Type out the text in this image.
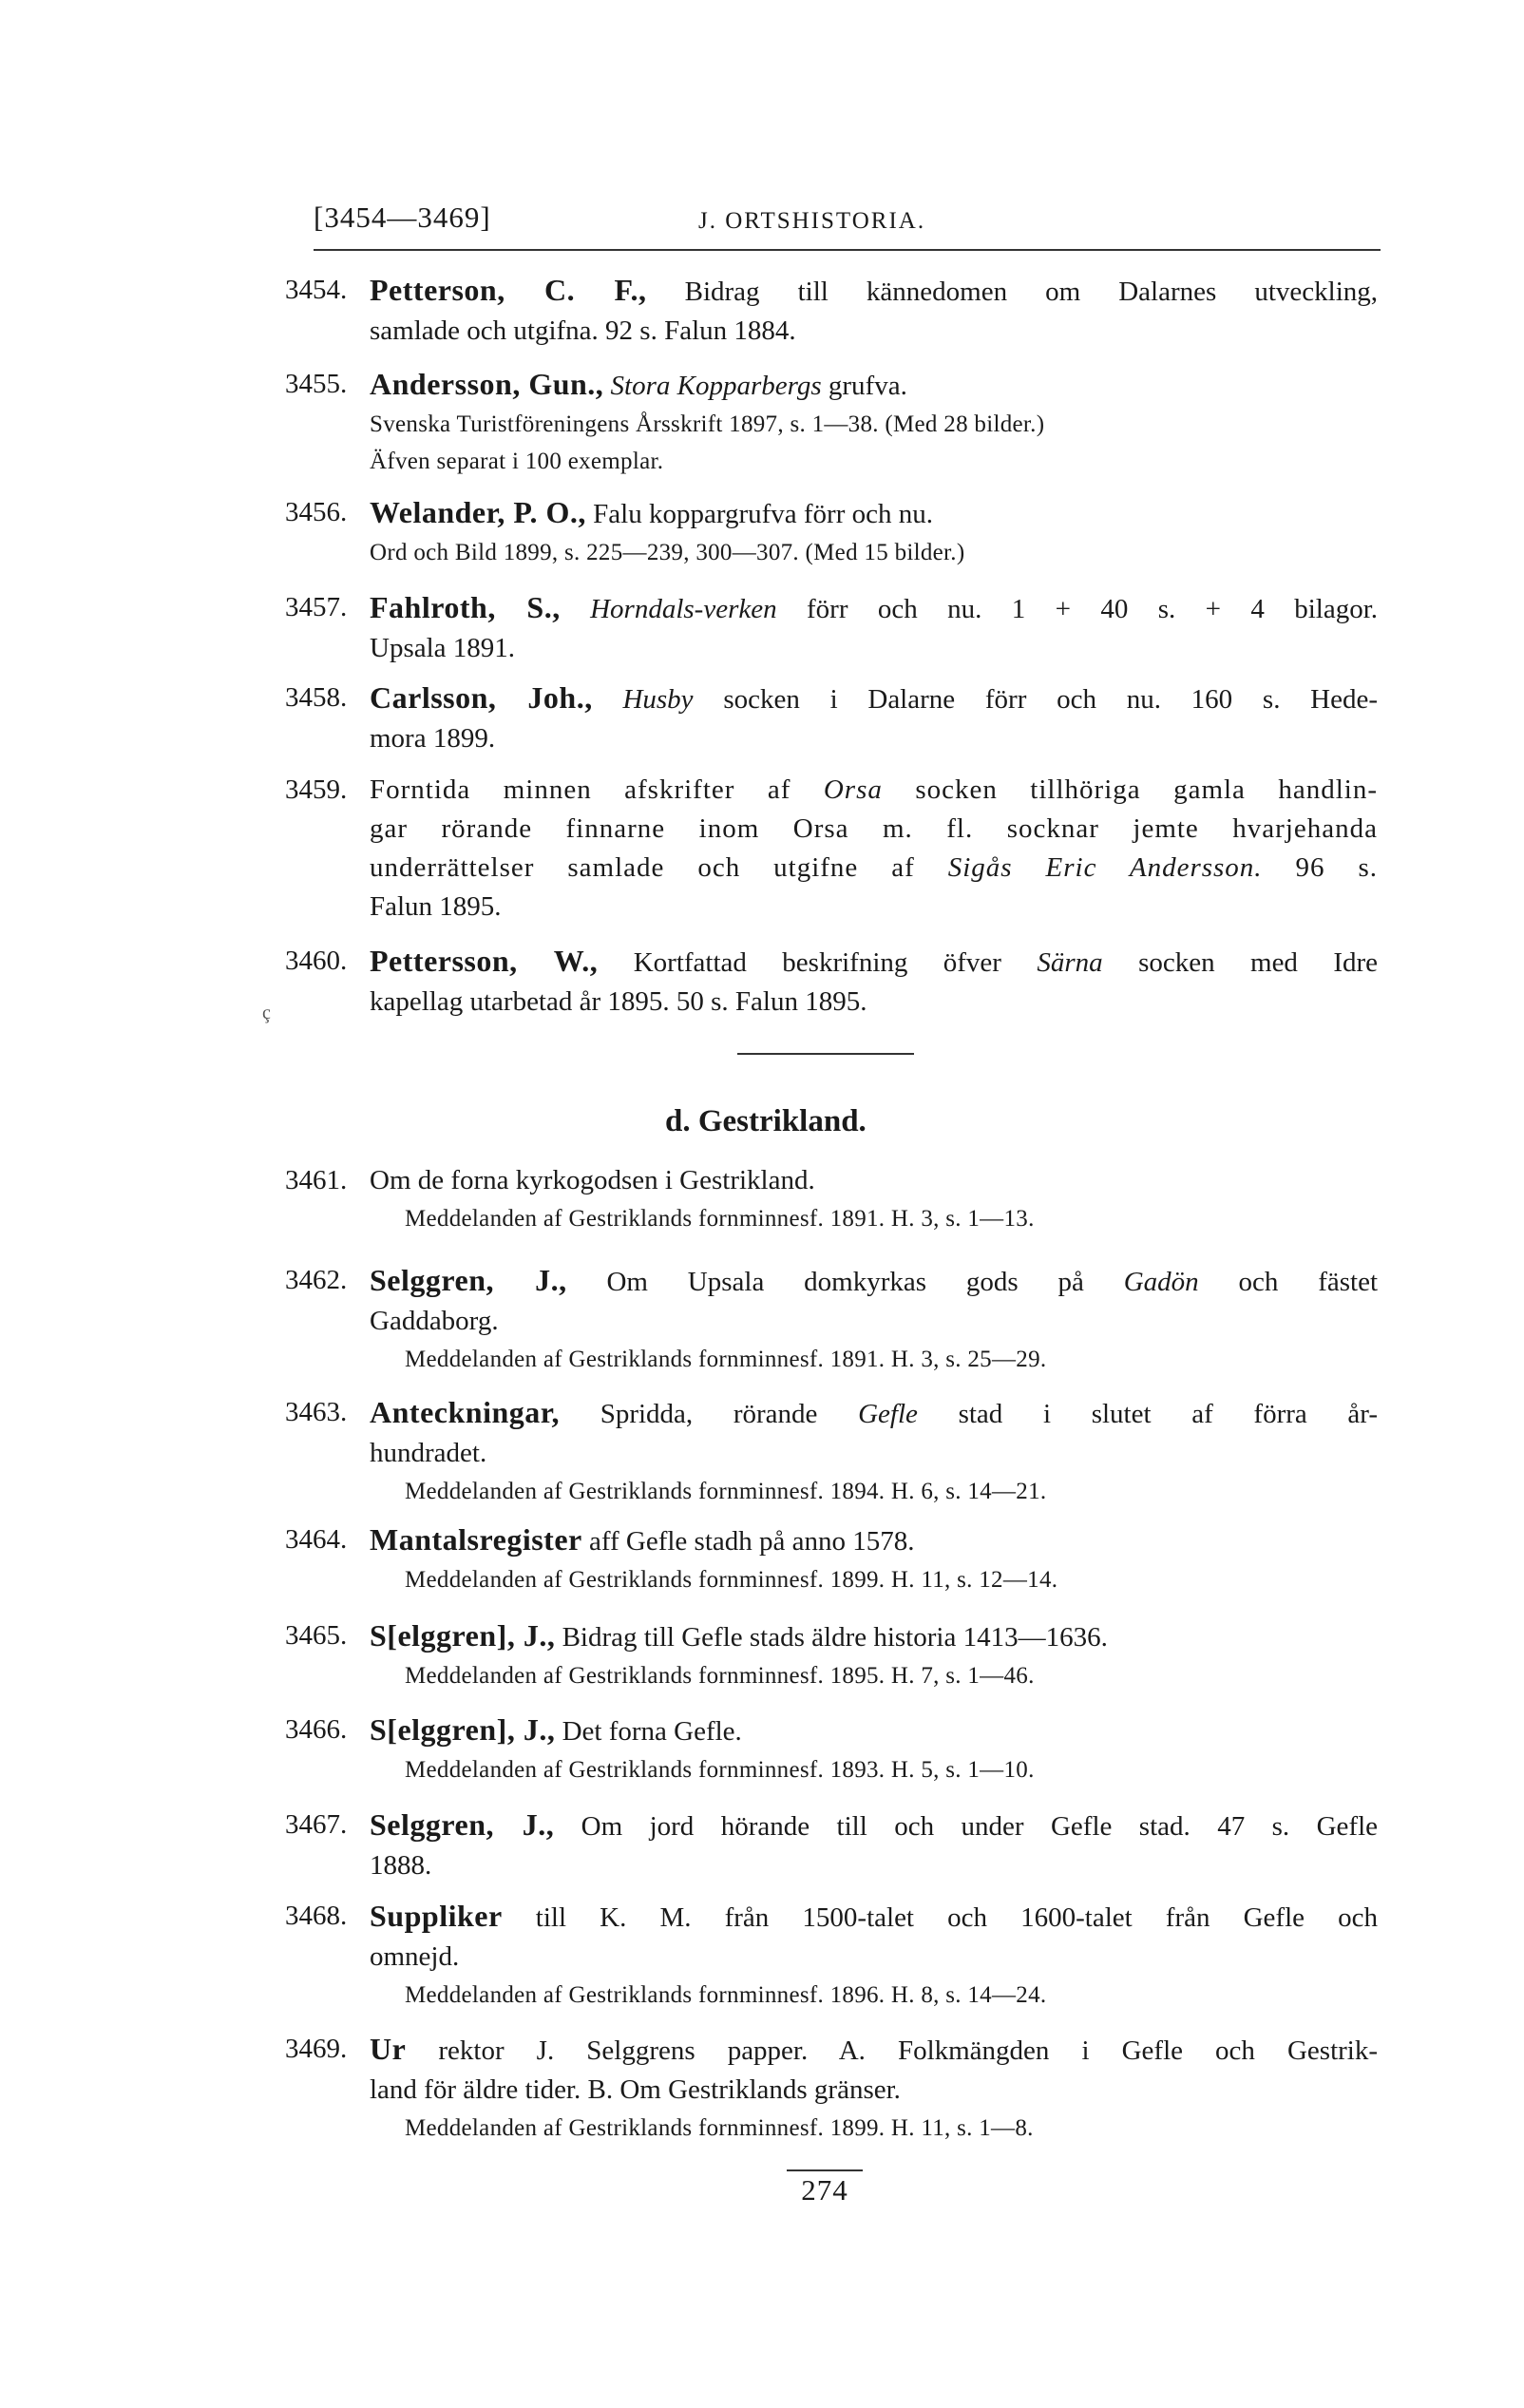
[3454—3469]	J. ORTSHISTORIA.
3454. Petterson, C. F., Bidrag till kännedomen om Dalarnes utveckling,
samlade och utgifna. 92 s. Falun 1884.
3455. Andersson, Gun., Stora Kopparbergs grufva.
Svenska Turistföreningens Årsskrift 1897, s. 1—38. (Med 28 bilder.)
Äfven separat i 100 exemplar.
3456. Welander, P. O., Falu koppargrufva förr och nu.
Ord och Bild 1899, s. 225—239, 300—307. (Med 15 bilder.)
3457. Fahlroth, S., Horndals-verken förr och nu. 1 + 40 s. + 4 bilagor.
Upsala 1891.
3458. Carlsson, Joh., Husby socken i Dalarne förr och nu. 160 s. Hede-
mora 1899.
3459. Forntida minnen afskrifter af Orsa socken tillhöriga gamla handlin-
gar rörande finnarne inom Orsa m. fl. socknar jemte hvarjehanda
underrättelser samlade och utgifne af Sigås Eric Andersson. 96 s.
Falun 1895.
3460. Pettersson, W., Kortfattad beskrifning öfver Särna socken med Idre
kapellag utarbetad år 1895. 50 s. Falun 1895.
ç
d. Gestrikland.
3461. Om de forna kyrkogodsen i Gestrikland.
Meddelanden af Gestriklands fornminnesf. 1891. H. 3, s. 1—13.
3462. Selggren, J., Om Upsala domkyrkas gods på Gadön och fästet
Gaddaborg.
Meddelanden af Gestriklands fornminnesf. 1891. H. 3, s. 25—29.
3463. Anteckningar, Spridda, rörande Gefle stad i slutet af förra år-
hundradet.
Meddelanden af Gestriklands fornminnesf. 1894. H. 6, s. 14—21.
3464. Mantalsregister aff Gefle stadh på anno 1578.
Meddelanden af Gestriklands fornminnesf. 1899. H. 11, s. 12—14.
3465. S[elggren], J., Bidrag till Gefle stads äldre historia 1413—1636.
Meddelanden af Gestriklands fornminnesf. 1895. H. 7, s. 1—46.
3466. S[elggren], J., Det forna Gefle.
Meddelanden af Gestriklands fornminnesf. 1893. H. 5, s. 1—10.
3467. Selggren, J., Om jord hörande till och under Gefle stad. 47 s. Gefle
1888.
3468. Suppliker till K. M. från 1500-talet och 1600-talet från Gefle och
omnejd.
Meddelanden af Gestriklands fornminnesf. 1896. H. 8, s. 14—24.
3469. Ur rektor J. Selggrens papper. A. Folkmängden i Gefle och Gestrik-
land för äldre tider. B. Om Gestriklands gränser.
Meddelanden af Gestriklands fornminnesf. 1899. H. 11, s. 1—8.
274
